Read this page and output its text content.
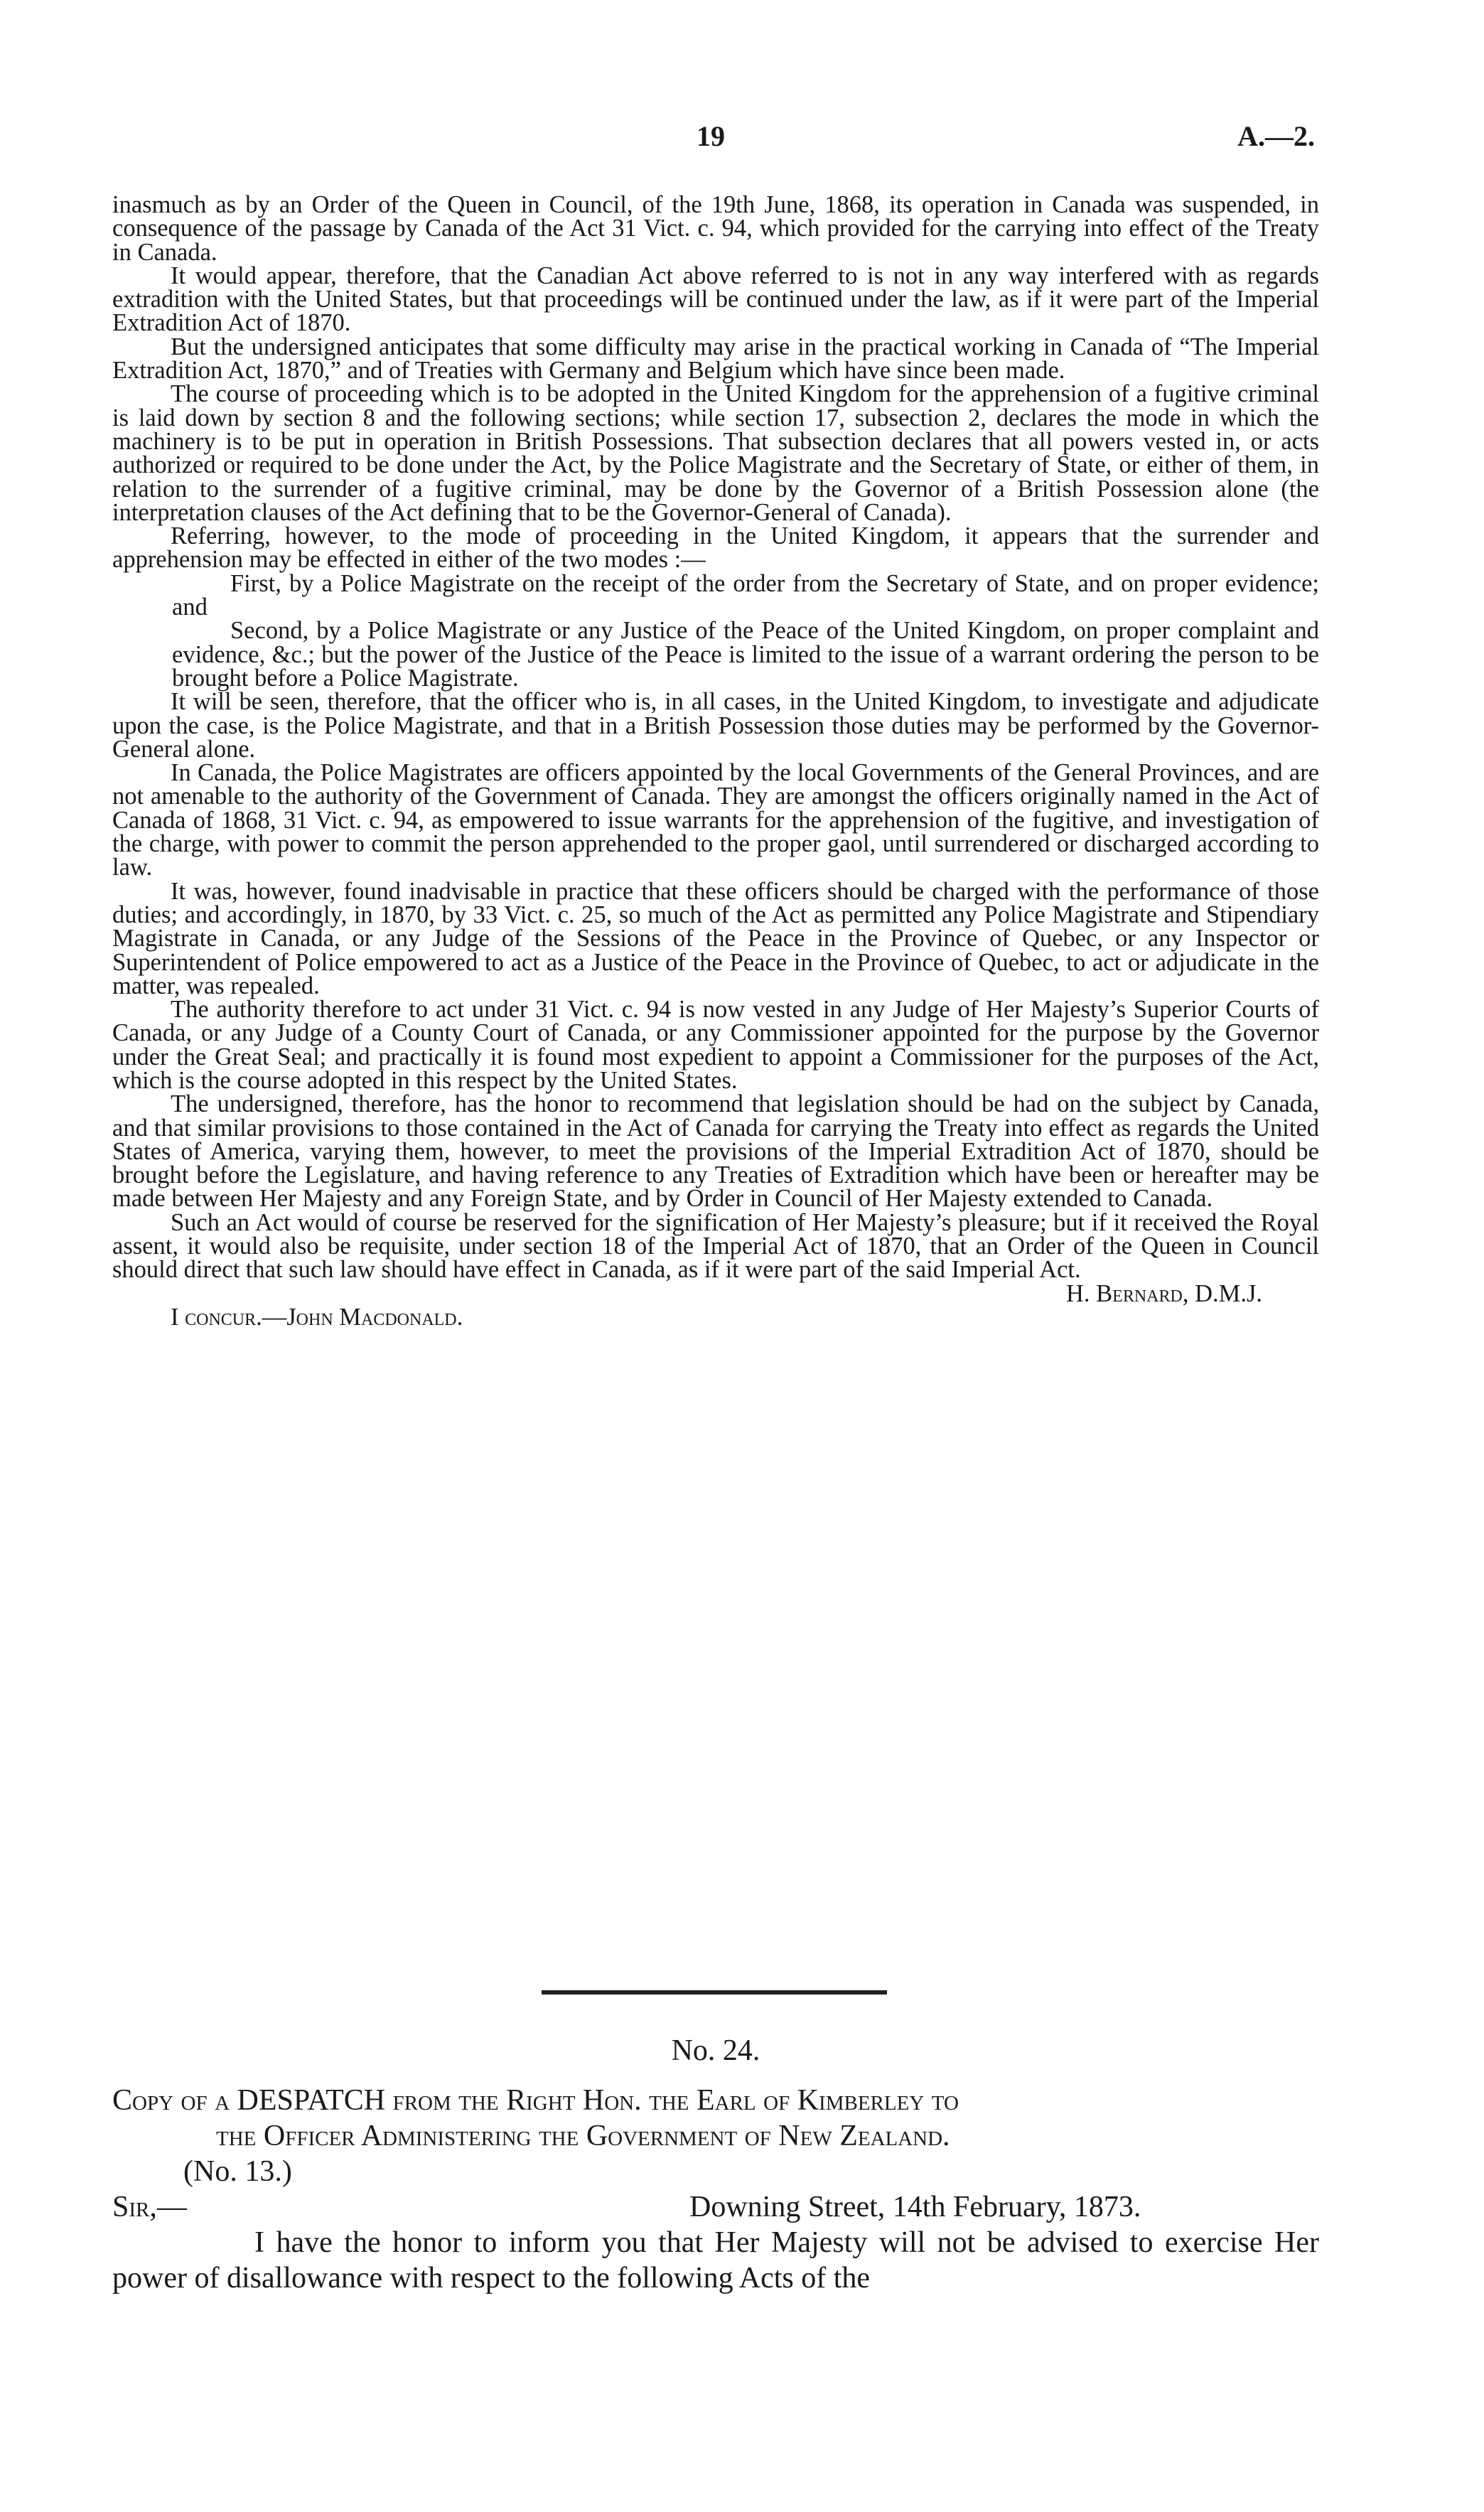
19	A.—2.

inasmuch as by an Order of the Queen in Council, of the 19th June, 1868, its operation in Canada was suspended, in consequence of the passage by Canada of the Act 31 Vict. c. 94, which provided for the carrying into effect of the Treaty in Canada.

It would appear, therefore, that the Canadian Act above referred to is not in any way interfered with as regards extradition with the United States, but that proceedings will be continued under the law, as if it were part of the Imperial Extradition Act of 1870.

But the undersigned anticipates that some difficulty may arise in the practical working in Canada of “The Imperial Extradition Act, 1870,” and of Treaties with Germany and Belgium which have since been made.

The course of proceeding which is to be adopted in the United Kingdom for the apprehension of a fugitive criminal is laid down by section 8 and the following sections; while section 17, subsection 2, declares the mode in which the machinery is to be put in operation in British Possessions. That subsection declares that all powers vested in, or acts authorized or required to be done under the Act, by the Police Magistrate and the Secretary of State, or either of them, in relation to the surrender of a fugitive criminal, may be done by the Governor of a British Possession alone (the interpretation clauses of the Act defining that to be the Governor-General of Canada).

Referring, however, to the mode of proceeding in the United Kingdom, it appears that the surrender and apprehension may be effected in either of the two modes :—

First, by a Police Magistrate on the receipt of the order from the Secretary of State, and on proper evidence; and

Second, by a Police Magistrate or any Justice of the Peace of the United Kingdom, on proper complaint and evidence, &c.; but the power of the Justice of the Peace is limited to the issue of a warrant ordering the person to be brought before a Police Magistrate.

It will be seen, therefore, that the officer who is, in all cases, in the United Kingdom, to investigate and adjudicate upon the case, is the Police Magistrate, and that in a British Possession those duties may be performed by the Governor-General alone.

In Canada, the Police Magistrates are officers appointed by the local Governments of the General Provinces, and are not amenable to the authority of the Government of Canada. They are amongst the officers originally named in the Act of Canada of 1868, 31 Vict. c. 94, as empowered to issue warrants for the apprehension of the fugitive, and investigation of the charge, with power to commit the person apprehended to the proper gaol, until surrendered or discharged according to law.

It was, however, found inadvisable in practice that these officers should be charged with the performance of those duties; and accordingly, in 1870, by 33 Vict. c. 25, so much of the Act as permitted any Police Magistrate and Stipendiary Magistrate in Canada, or any Judge of the Sessions of the Peace in the Province of Quebec, or any Inspector or Superintendent of Police empowered to act as a Justice of the Peace in the Province of Quebec, to act or adjudicate in the matter, was repealed.

The authority therefore to act under 31 Vict. c. 94 is now vested in any Judge of Her Majesty’s Superior Courts of Canada, or any Judge of a County Court of Canada, or any Commissioner appointed for the purpose by the Governor under the Great Seal; and practically it is found most expedient to appoint a Commissioner for the purposes of the Act, which is the course adopted in this respect by the United States.

The undersigned, therefore, has the honor to recommend that legislation should be had on the subject by Canada, and that similar provisions to those contained in the Act of Canada for carrying the Treaty into effect as regards the United States of America, varying them, however, to meet the provisions of the Imperial Extradition Act of 1870, should be brought before the Legislature, and having reference to any Treaties of Extradition which have been or hereafter may be made between Her Majesty and any Foreign State, and by Order in Council of Her Majesty extended to Canada.

Such an Act would of course be reserved for the signification of Her Majesty’s pleasure; but if it received the Royal assent, it would also be requisite, under section 18 of the Imperial Act of 1870, that an Order of the Queen in Council should direct that such law should have effect in Canada, as if it were part of the said Imperial Act.

H. Bernard, D.M.J.

I concur.—John Macdonald.

No. 24.

Copy of a DESPATCH from the Right Hon. the Earl of Kimberley to

the Officer Administering the Government of New Zealand.

(No. 13.)

Sir,—	Downing Street, 14th February, 1873.

I have the honor to inform you that Her Majesty will not be advised to exercise Her power of disallowance with respect to the following Acts of the
